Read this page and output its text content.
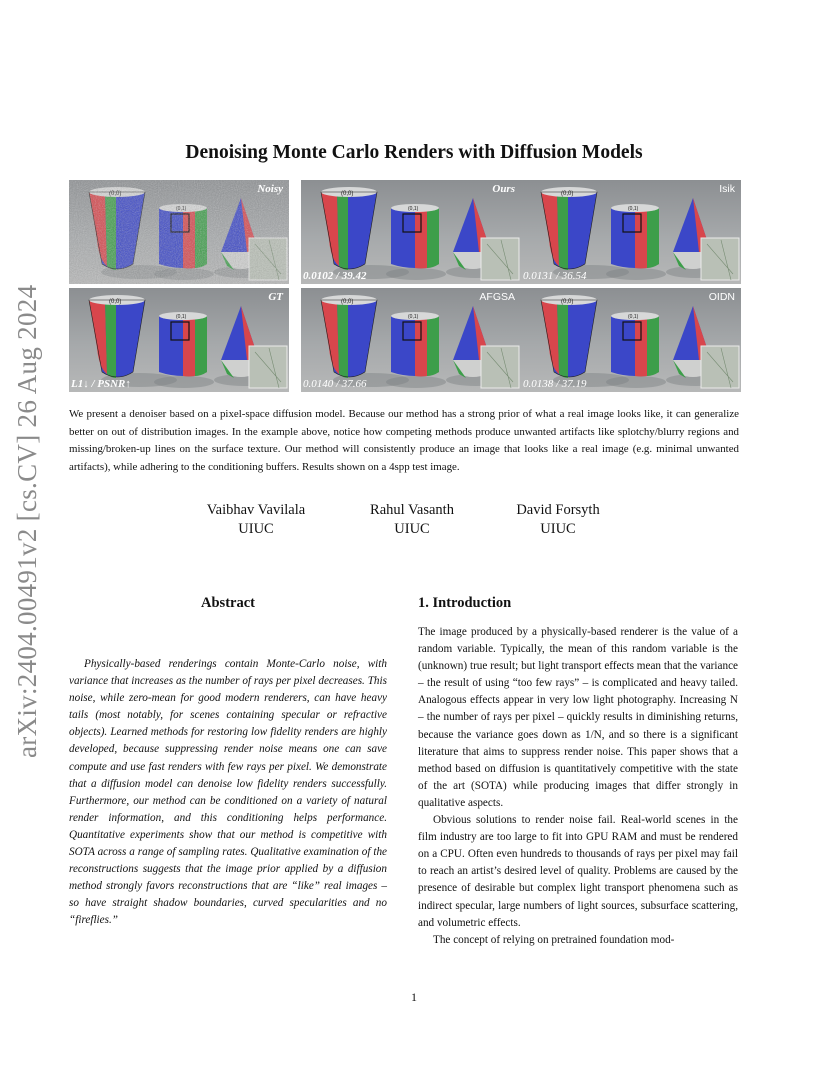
arXiv:2404.00491v2 [cs.CV] 26 Aug 2024
Denoising Monte Carlo Renders with Diffusion Models
Noisy	Ours
0.0102 / 39.42
Isik
0.0131 / 36.54
GT
L1↓ / PSNR↑
AFGSA
0.0140 / 37.66
OIDN
0.0138 / 37.19
We present a denoiser based on a pixel-space diffusion model. Because our method has a strong prior of what a real image looks like, it can generalize better on out of distribution images. In the example above, notice how competing methods produce unwanted artifacts like splotchy/blurry regions and missing/broken-up lines on the surface texture. Our method will consistently produce an image that looks like a real image (e.g. minimal unwanted artifacts), while adhering to the conditioning buffers. Results shown on a 4spp test image.
Vaibhav Vavilala
UIUC
Rahul Vasanth
UIUC
David Forsyth
UIUC
Abstract	1. Introduction

Physically-based renderings contain Monte-Carlo noise, with variance that increases as the number of rays per pixel decreases. This noise, while zero-mean for good modern renderers, can have heavy tails (most notably, for scenes containing specular or refractive objects). Learned methods for restoring low fidelity renders are highly developed, because suppressing render noise means one can save compute and use fast renders with few rays per pixel. We demonstrate that a diffusion model can denoise low fidelity renders successfully. Furthermore, our method can be conditioned on a variety of natural render information, and this conditioning helps performance. Quantitative experiments show that our method is competitive with SOTA across a range of sampling rates. Qualitative examination of the reconstructions suggests that the image prior applied by a diffusion method strongly favors reconstructions that are “like” real images – so have straight shadow boundaries, curved specularities and no “fireflies.”

The image produced by a physically-based renderer is the value of a random variable. Typically, the mean of this random variable is the (unknown) true result; but light transport effects mean that the variance – the result of using “too few rays” – is complicated and heavy tailed. Analogous effects appear in very low light photography. Increasing N – the number of rays per pixel – quickly results in diminishing returns, because the variance goes down as 1/N, and so there is a significant literature that aims to suppress render noise. This paper shows that a method based on diffusion is quantitatively competitive with the state of the art (SOTA) while producing images that differ strongly in qualitative aspects.

Obvious solutions to render noise fail. Real-world scenes in the film industry are too large to fit into GPU RAM and must be rendered on a CPU. Often even hundreds to thousands of rays per pixel may fail to reach an artist’s desired level of quality. Problems are caused by the presence of desirable but complex light transport phenomena such as indirect specular, large numbers of light sources, subsurface scattering, and volumetric effects.

The concept of relying on pretrained foundation mod-

1
